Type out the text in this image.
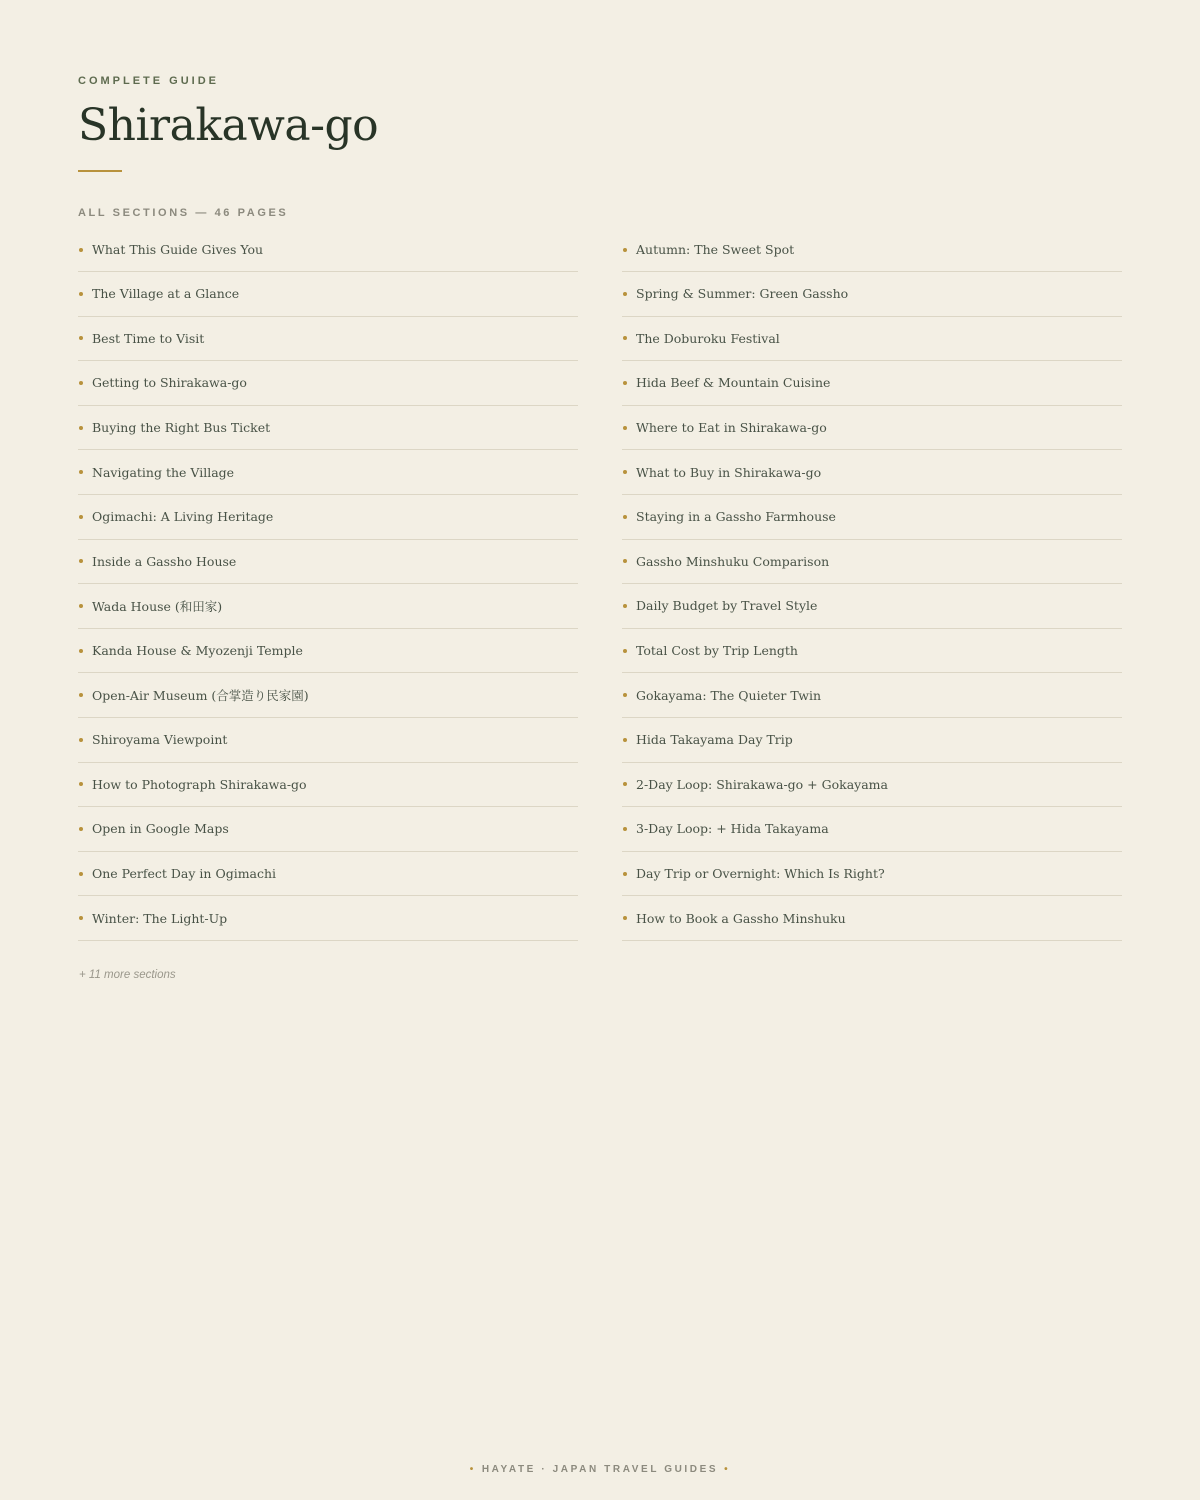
COMPLETE GUIDE
Shirakawa-go
ALL SECTIONS — 46 PAGES
What This Guide Gives You
The Village at a Glance
Best Time to Visit
Getting to Shirakawa-go
Buying the Right Bus Ticket
Navigating the Village
Ogimachi: A Living Heritage
Inside a Gassho House
Wada House (和田家)
Kanda House & Myozenji Temple
Open-Air Museum (合掌造り民家園)
Shiroyama Viewpoint
How to Photograph Shirakawa-go
Open in Google Maps
One Perfect Day in Ogimachi
Winter: The Light-Up
Autumn: The Sweet Spot
Spring & Summer: Green Gassho
The Doburoku Festival
Hida Beef & Mountain Cuisine
Where to Eat in Shirakawa-go
What to Buy in Shirakawa-go
Staying in a Gassho Farmhouse
Gassho Minshuku Comparison
Daily Budget by Travel Style
Total Cost by Trip Length
Gokayama: The Quieter Twin
Hida Takayama Day Trip
2-Day Loop: Shirakawa-go + Gokayama
3-Day Loop: + Hida Takayama
Day Trip or Overnight: Which Is Right?
How to Book a Gassho Minshuku
+ 11 more sections
• HAYATE · JAPAN TRAVEL GUIDES •
